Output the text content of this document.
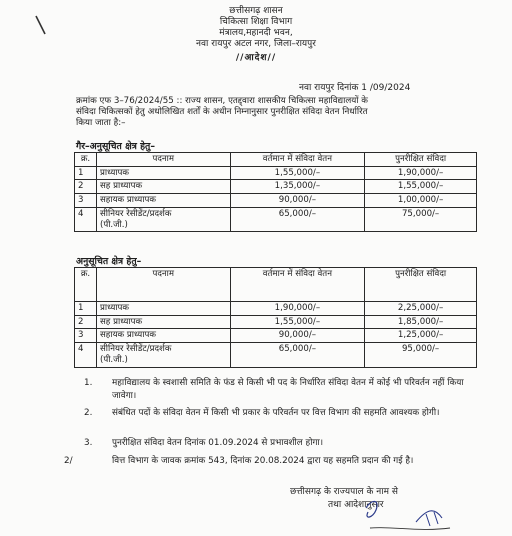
छत्तीसगढ़ शासन
चिकित्सा शिक्षा विभाग
मंत्रालय,महानदी भवन,
नवा रायपुर अटल नगर, जिला–रायपुर
//आदेश//
नवा रायपुर दिनांक 1 /09/2024
क्रमांक एफ 3–76/2024/55 :: राज्य शासन, एतद्द्वारा शासकीय चिकित्सा महाविद्यालयों के
संविदा चिकित्सकों हेतु अधोलिखित शर्तों के अधीन निम्नानुसार पुनरीक्षित संविदा वेतन निर्धारित
किया जाता है:–
गैर–अनुसूचित क्षेत्र हेतु–
क्र.	पदनाम	वर्तमान में संविदा वेतन	पुनरीक्षित संविदा
1	प्राध्यापक	1,55,000/–	1,90,000/–
2	सह प्राध्यापक	1,35,000/–	1,55,000/–
3	सहायक प्राध्यापक	90,000/–	1,00,000/–
4	सीनियर रेसीडेंट/प्रदर्शक
(पी.जी.)	65,000/–	75,000/–
अनुसूचित क्षेत्र हेतु–
क्र.	पदनाम	वर्तमान में संविदा वेतन	पुनरीक्षित संविदा
1	प्राध्यापक	1,90,000/–	2,25,000/–
2	सह प्राध्यापक	1,55,000/–	1,85,000/–
3	सहायक प्राध्यापक	90,000/–	1,25,000/–
4	सीनियर रेसीडेंट/प्रदर्शक
(पी.जी.)	65,000/–	95,000/–
1. महाविद्यालय के स्वशासी समिति के फंड से किसी भी पद के निर्धारित संविदा वेतन में कोई भी परिवर्तन नहीं किया जावेगा।
2. संबंधित पदों के संविदा वेतन में किसी भी प्रकार के परिवर्तन पर वित्त विभाग की सहमति आवश्यक होगी।
3. पुनरीक्षित संविदा वेतन दिनांक 01.09.2024 से प्रभावशील होगा।
2/	वित्त विभाग के जावक क्रमांक 543, दिनांक 20.08.2024 द्वारा यह सहमति प्रदान की गई है।
छत्तीसगढ़ के राज्यपाल के नाम से
तथा आदेशानुसार
